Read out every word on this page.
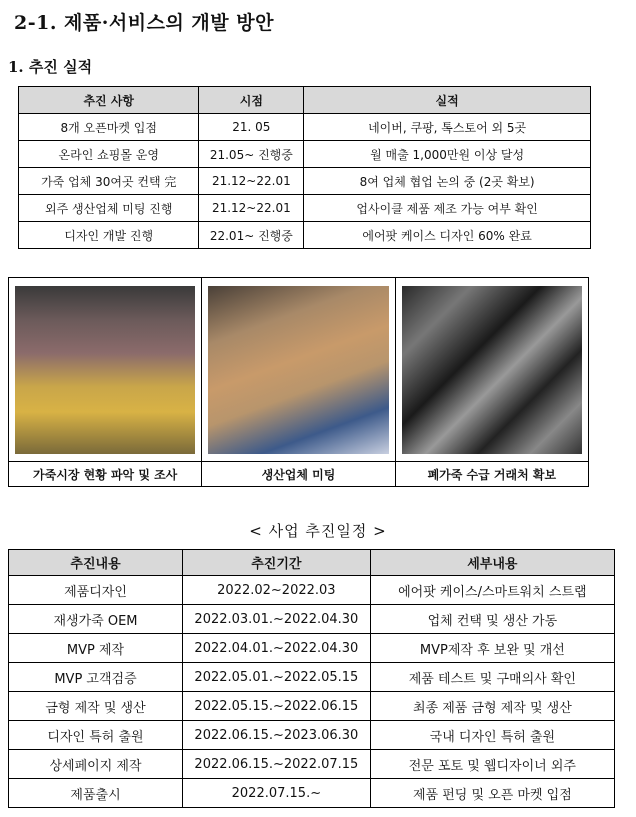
2-1. 제품·서비스의 개발 방안
1. 추진 실적
추진 사항	시점	실적
8개 오픈마켓 입점	21. 05	네이버, 쿠팡, 톡스토어 외 5곳
온라인 쇼핑몰 운영	21.05~ 진행중	월 매출 1,000만원 이상 달성
가죽 업체 30여곳 컨택 完	21.12~22.01	8여 업체 협업 논의 중 (2곳 확보)
외주 생산업체 미팅 진행	21.12~22.01	업사이클 제품 제조 가능 여부 확인
디자인 개발 진행	22.01~ 진행중	에어팟 케이스 디자인 60% 완료
가죽시장 현황 파악 및 조사	생산업체 미팅	폐가죽 수급 거래처 확보
< 사업 추진일정 >
추진내용	추진기간	세부내용
제품디자인	2022.02~2022.03	에어팟 케이스/스마트워치 스트랩
재생가죽 OEM	2022.03.01.~2022.04.30	업체 컨택 및 생산 가동
MVP 제작	2022.04.01.~2022.04.30	MVP제작 후 보완 및 개선
MVP 고객검증	2022.05.01.~2022.05.15	제품 테스트 및 구매의사 확인
금형 제작 및 생산	2022.05.15.~2022.06.15	최종 제품 금형 제작 및 생산
디자인 특허 출원	2022.06.15.~2023.06.30	국내 디자인 특허 출원
상세페이지 제작	2022.06.15.~2022.07.15	전문 포토 및 웹디자이너 외주
제품출시	2022.07.15.~	제품 펀딩 및 오픈 마켓 입점
